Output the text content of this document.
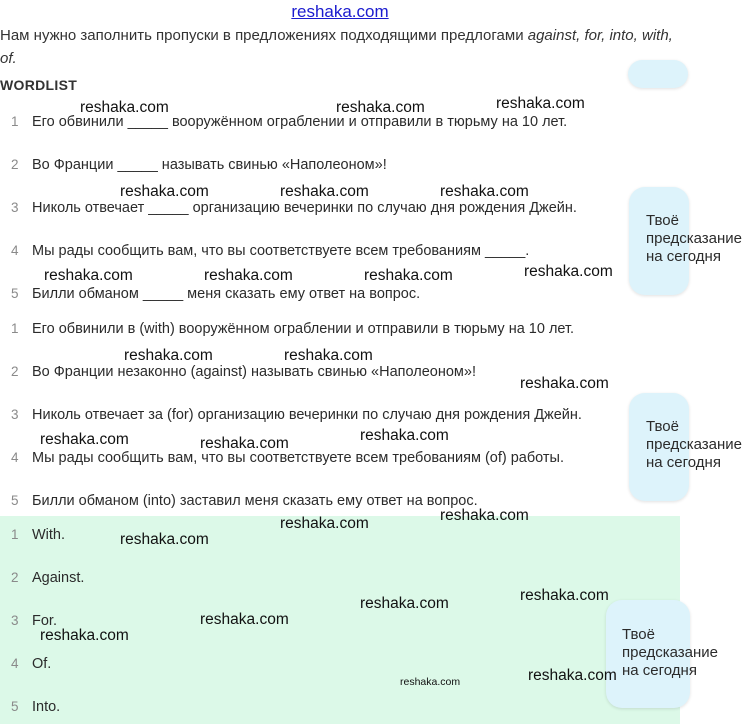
reshaka.com
Нам нужно заполнить пропуски в предложениях подходящими предлогами against, for, into, with, of.
WORDLIST
1 Его обвинили _____ вооружённом ограблении и отправили в тюрьму на 10 лет.
2 Во Франции _____ называть свинью «Наполеоном»!
3 Николь отвечает _____ организацию вечеринки по случаю дня рождения Джейн.
4 Мы рады сообщить вам, что вы соответствуете всем требованиям _____.
5 Билли обманом _____ меня сказать ему ответ на вопрос.
1 Его обвинили в (with) вооружённом ограблении и отправили в тюрьму на 10 лет.
2 Во Франции незаконно (against) называть свинью «Наполеоном»!
3 Николь отвечает за (for) организацию вечеринки по случаю дня рождения Джейн.
4 Мы рады сообщить вам, что вы соответствуете всем требованиям (of) работы.
5 Билли обманом (into) заставил меня сказать ему ответ на вопрос.
1 With.
2 Against.
3 For.
4 Of.
5 Into.
Твоё
предсказание
на сегодня
Твоё
предсказание
на сегодня
Твоё
предсказание
на сегодня
reshaka.com	reshaka.com	reshaka.com
reshaka.com	reshaka.com	reshaka.com
reshaka.com	reshaka.com	reshaka.com	reshaka.com
reshaka.com	reshaka.com
reshaka.com
reshaka.com	reshaka.com	reshaka.com
reshaka.com	reshaka.com
reshaka.com
reshaka.com
reshaka.com
reshaka.com
reshaka.com
reshaka.com
reshaka.com
